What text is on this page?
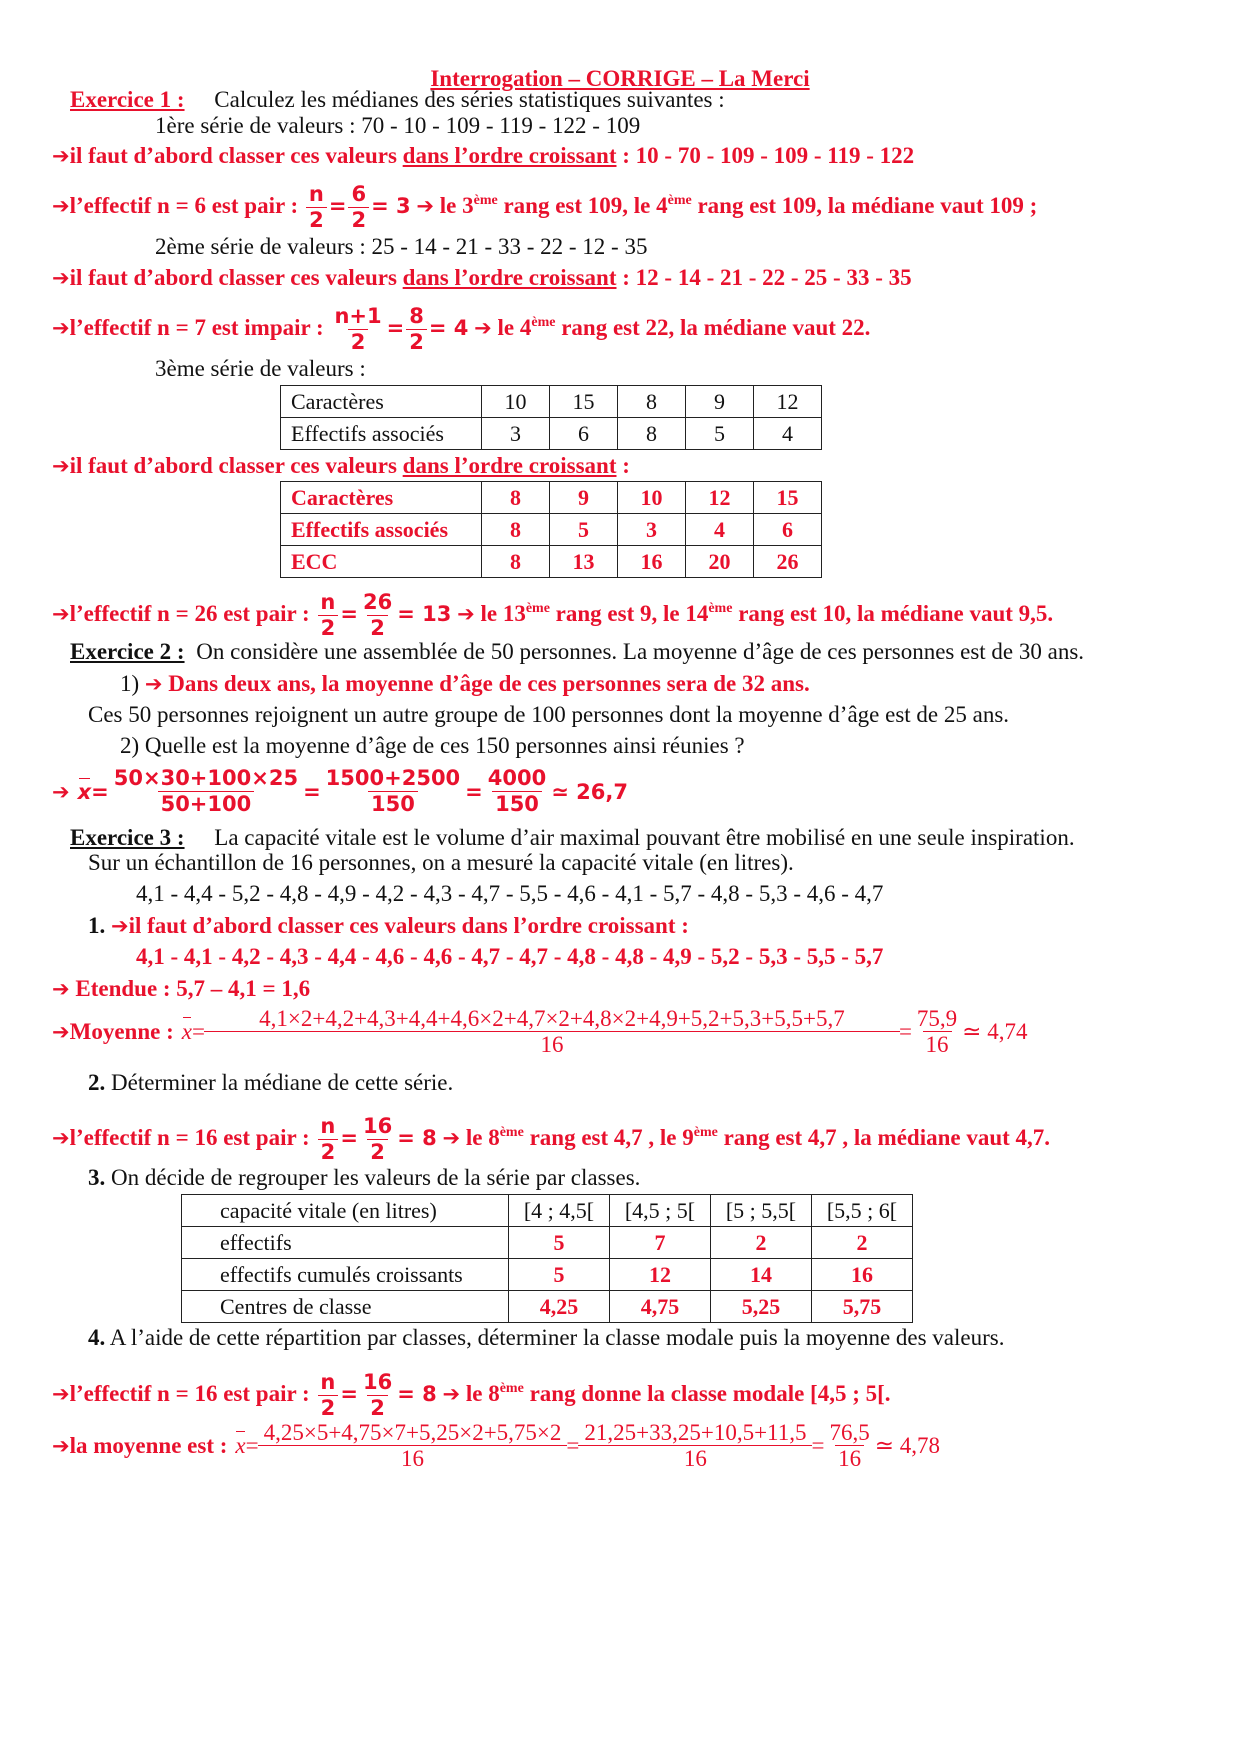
Interrogation – CORRIGE – La Merci
Exercice 1 : Calculez les médianes des séries statistiques suivantes :
1ère série de valeurs : 70 - 10 - 109 - 119 - 122 - 109
➔il faut d’abord classer ces valeurs dans l’ordre croissant : 10 - 70 - 109 - 109 - 119 - 122
➔l’effectif n = 6 est pair : $\frac{n}{2} = \frac{6}{2} = 3$ ➔ le 3ème rang est 109, le 4ème rang est 109, la médiane vaut 109 ;
2ème série de valeurs : 25 - 14 - 21 - 33 - 22 - 12 - 35
➔il faut d’abord classer ces valeurs dans l’ordre croissant : 12 - 14 - 21 - 22 - 25 - 33 - 35
➔l’effectif n = 7 est impair : $\frac{n+1}{2} = \frac{8}{2} = 4$ ➔ le 4ème rang est 22, la médiane vaut 22.
3ème série de valeurs :
Caractères	10	15	8	9	12
Effectifs associés	3	6	8	5	4
➔il faut d’abord classer ces valeurs dans l’ordre croissant :
Caractères	8	9	10	12	15
Effectifs associés	8	5	3	4	6
ECC	8	13	16	20	26
➔l’effectif n = 26 est pair : $\frac{n}{2} = \frac{26}{2} = 13$ ➔ le 13ème rang est 9, le 14ème rang est 10, la médiane vaut 9,5.
Exercice 2 : On considère une assemblée de 50 personnes. La moyenne d’âge de ces personnes est de 30 ans.
1) ➔ Dans deux ans, la moyenne d’âge de ces personnes sera de 32 ans.
Ces 50 personnes rejoignent un autre groupe de 100 personnes dont la moyenne d’âge est de 25 ans.
2) Quelle est la moyenne d’âge de ces 150 personnes ainsi réunies ?
➔ $x = \frac{50\times 30+100\times 25}{50+100} = \frac{1500+2500}{150} = \frac{4000}{150}$ ≃ 26,7
Exercice 3 : La capacité vitale est le volume d’air maximal pouvant être mobilisé en une seule inspiration.
Sur un échantillon de 16 personnes, on a mesuré la capacité vitale (en litres).
4,1 - 4,4 - 5,2 - 4,8 - 4,9 - 4,2 - 4,3 - 4,7 - 5,5 - 4,6 - 4,1 - 5,7 - 4,8 - 5,3 - 4,6 - 4,7
1. ➔il faut d’abord classer ces valeurs dans l’ordre croissant :
4,1 - 4,1 - 4,2 - 4,3 - 4,4 - 4,6 - 4,6 - 4,7 - 4,7 - 4,8 - 4,8 - 4,9 - 5,2 - 5,3 - 5,5 - 5,7
➔ Etendue : 5,7 – 4,1 = 1,6
➔ Moyenne : $x = \frac{4,1\times 2+4,2+4,3+4,4+4,6\times 2+4,7\times 2+4,8\times 2+4,9+5,2+5,3+5,5+5,7}{16} = \frac{75,9}{16}$ ≃ 4,74
2. Déterminer la médiane de cette série.
➔l’effectif n = 16 est pair : $\frac{n}{2} = \frac{16}{2} = 8$ ➔ le 8ème rang est 4,7 , le 9ème rang est 4,7 , la médiane vaut 4,7.
3. On décide de regrouper les valeurs de la série par classes.
capacité vitale (en litres)	[4 ; 4,5[	[4,5 ; 5[	[5 ; 5,5[	[5,5 ; 6[
effectifs	5	7	2	2
effectifs cumulés croissants	5	12	14	16
Centres de classe	4,25	4,75	5,25	5,75
4. A l’aide de cette répartition par classes, déterminer la classe modale puis la moyenne des valeurs.
➔l’effectif n = 16 est pair : $\frac{n}{2} = \frac{16}{2} = 8$ ➔ le 8ème rang donne la classe modale [4,5 ; 5[.
➔ la moyenne est : $x = \frac{4,25\times 5+4,75\times 7+5,25\times 2+5,75\times 2}{16} = \frac{21,25+33,25+10,5+11,5}{16} = \frac{76,5}{16}$ ≃ 4,78
